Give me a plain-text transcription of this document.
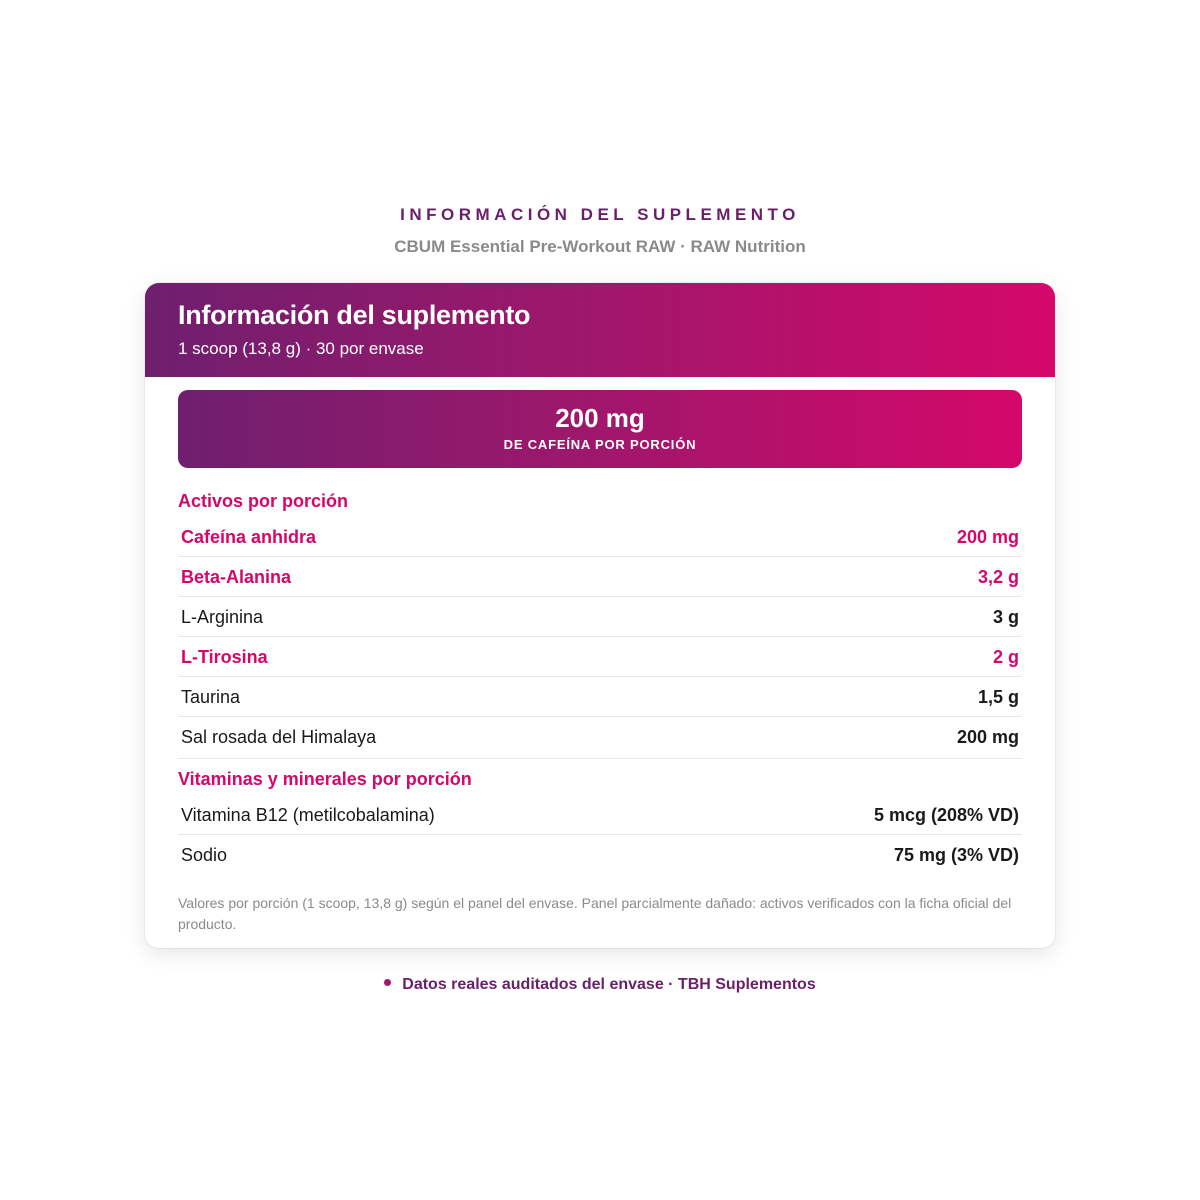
INFORMACIÓN DEL SUPLEMENTO
CBUM Essential Pre-Workout RAW · RAW Nutrition
Información del suplemento
1 scoop (13,8 g) · 30 por envase
200 mg
DE CAFEÍNA POR PORCIÓN
Activos por porción
Cafeína anhidra	200 mg
Beta-Alanina	3,2 g
L-Arginina	3 g
L-Tirosina	2 g
Taurina	1,5 g
Sal rosada del Himalaya	200 mg
Vitaminas y minerales por porción
Vitamina B12 (metilcobalamina)	5 mcg (208% VD)
Sodio	75 mg (3% VD)
Valores por porción (1 scoop, 13,8 g) según el panel del envase. Panel parcialmente dañado: activos verificados con la ficha oficial del producto.
Datos reales auditados del envase · TBH Suplementos
